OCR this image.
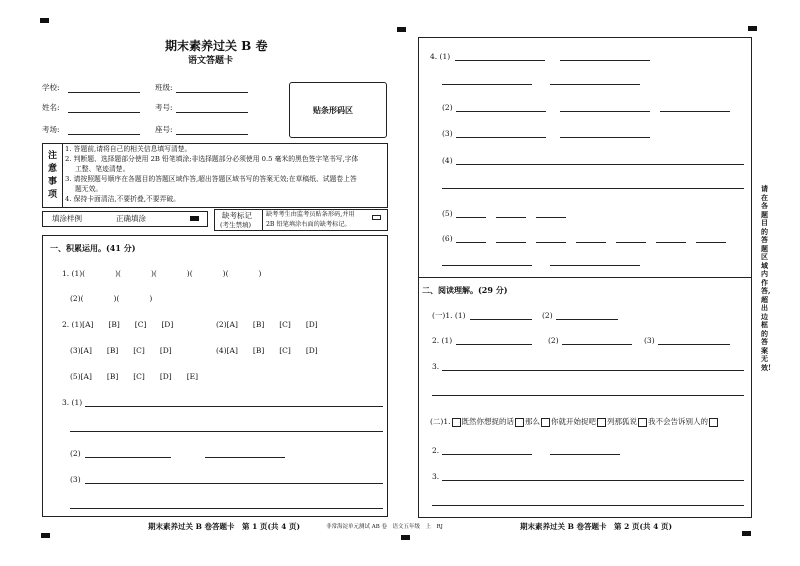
期末素养过关 B 卷
语文答题卡
学校:	班级:
姓名:	考号:
考场:	座号:
贴条形码区
注意事项
1. 答题前,请将自己的相关信息填写清楚。
2. 判断题、选择题部分使用 2B 铅笔填涂;非选择题部分必须使用 0.5 毫米的黑色签字笔书写,字体
工整、笔迹清楚。
3. 请按照题号顺序在各题目的答题区域作答,超出答题区域书写的答案无效;在草稿纸、试题卷上答
题无效。
4. 保持卡面清洁,不要折叠,不要弄破。
填涂样例	正确填涂	缺考标记
(考生禁填)
缺考考生由监考员贴条形码,并用
2B 铅笔填涂右面的缺考标记。
一、积累运用。(41 分)
1. (1)(　　　　)(　　　　)(　　　　)(　　　　)(　　　　)
(2)(　　　　)(　　　　)
2. (1)[A]　　[B]　　[C]　　[D]	(2)[A]　　[B]　　[C]　　[D]
(3)[A]　　[B]　　[C]　　[D]	(4)[A]　　[B]　　[C]　　[D]
(5)[A]　　[B]　　[C]　　[D]　　[E]
3. (1)
(2)
(3)
期末素养过关 B 卷答题卡　第 1 页(共 4 页)	非常海淀单元测试 AB 卷　语文五年级　上　RJ
4. (1)
(2)
(3)
(4)
(5)
(6)
二、阅读理解。(29 分)
(一)1. (1)	(2)
2. (1)	(2)	(3)
3.
(二)1. 既然你想捉的话 那么 你就开始捉吧 列那狐说 我不会告诉别人的
2.
3.
期末素养过关 B 卷答题卡　第 2 页(共 4 页)
请在各题目的答题区域内作答,超出边框的答案无效!
